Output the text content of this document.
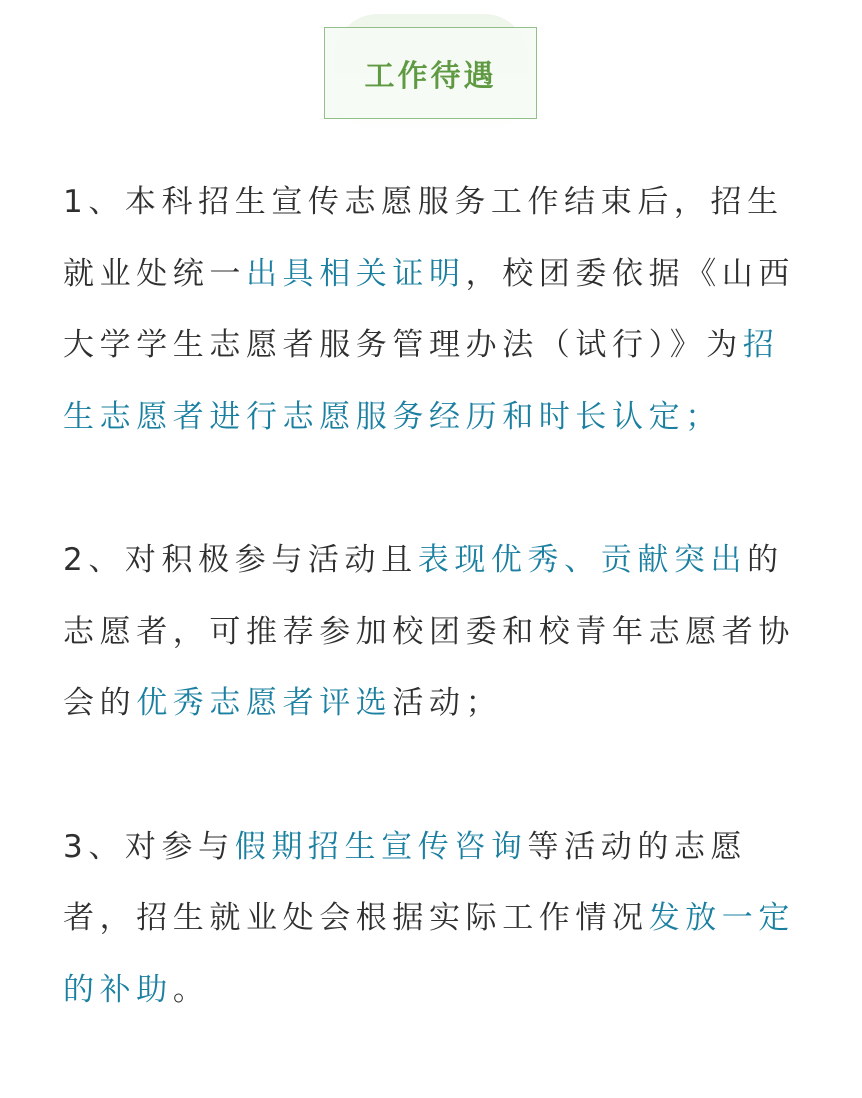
工作待遇

1、本科招生宣传志愿服务工作结束后，招生就业处统一出具相关证明，校团委依据《山西大学学生志愿者服务管理办法（试行）》为招生志愿者进行志愿服务经历和时长认定；

2、对积极参与活动且表现优秀、贡献突出的志愿者，可推荐参加校团委和校青年志愿者协会的优秀志愿者评选活动；

3、对参与假期招生宣传咨询等活动的志愿者，招生就业处会根据实际工作情况发放一定的补助。
